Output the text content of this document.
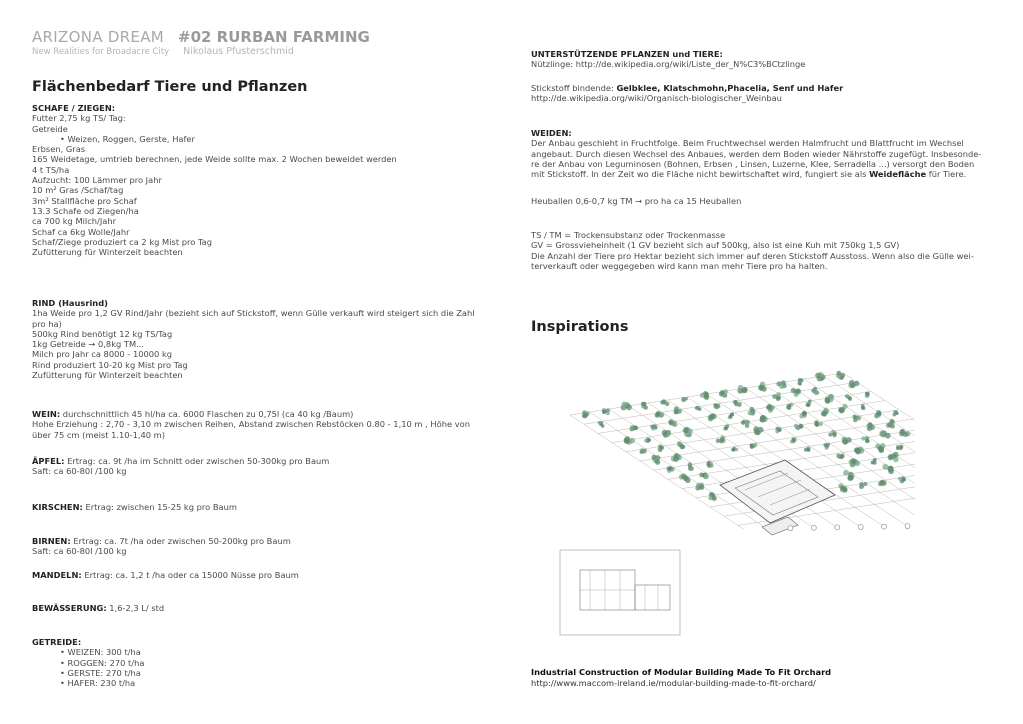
ARIZONA DREAM #02 RURBAN FARMING
New Realities for Broadacre City Nikolaus Pfusterschmid
Flächenbedarf Tiere und Pflanzen
SCHAFE / ZIEGEN:
Futter 2,75 kg TS/ Tag:
Getreide
• Weizen, Roggen, Gerste, Hafer
Erbsen, Gras
165 Weidetage, umtrieb berechnen, jede Weide sollte max. 2 Wochen beweidet werden
4 t TS/ha
Aufzucht: 100 Lämmer pro Jahr
10 m² Gras /Schaf/tag
3m² Stallfläche pro Schaf
13.3 Schafe od Ziegen/ha
ca 700 kg Milch/Jahr
Schaf ca 6kg Wolle/Jahr
Schaf/Ziege produziert ca 2 kg Mist pro Tag
Zufütterung für Winterzeit beachten
RIND (Hausrind)
1ha Weide pro 1,2 GV Rind/Jahr (bezieht sich auf Stickstoff, wenn Gülle verkauft wird steigert sich die Zahl
pro ha)
500kg Rind benötigt 12 kg TS/Tag
1kg Getreide → 0,8kg TM...
Milch pro Jahr ca 8000 - 10000 kg
Rind produziert 10-20 kg Mist pro Tag
Zufütterung für Winterzeit beachten
WEIN: durchschnittlich 45 hl/ha ca. 6000 Flaschen zu 0,75l (ca 40 kg /Baum)
Hohe Erziehung : 2,70 - 3,10 m zwischen Reihen, Abstand zwischen Rebstöcken 0.80 - 1,10 m , Höhe von
über 75 cm (meist 1.10-1,40 m)
ÄPFEL: Ertrag: ca. 9t /ha im Schnitt oder zwischen 50-300kg pro Baum
Saft: ca 60-80l /100 kg
KIRSCHEN: Ertrag: zwischen 15-25 kg pro Baum
BIRNEN: Ertrag: ca. 7t /ha oder zwischen 50-200kg pro Baum
Saft: ca 60-80l /100 kg
MANDELN: Ertrag: ca. 1,2 t /ha oder ca 15000 Nüsse pro Baum
BEWÄSSERUNG: 1,6-2,3 L/ std
GETREIDE:
• WEIZEN: 300 t/ha
• ROGGEN: 270 t/ha
• GERSTE: 270 t/ha
• HAFER: 230 t/ha
UNTERSTÜTZENDE PFLANZEN und TIERE:
Nützlinge: http://de.wikipedia.org/wiki/Liste_der_N%C3%BCtzlinge
Stickstoff bindende: Gelbklee, Klatschmohn,Phacelia, Senf und Hafer
http://de.wikipedia.org/wiki/Organisch-biologischer_Weinbau
WEIDEN:
Der Anbau geschieht in Fruchtfolge. Beim Fruchtwechsel werden Halmfrucht und Blattfrucht im Wechsel
angebaut. Durch diesen Wechsel des Anbaues, werden dem Boden wieder Nährstoffe zugefügt. Insbesonde-
re der Anbau von Leguminosen (Bohnen, Erbsen , Linsen, Luzerne, Klee, Serradella ...) versorgt den Boden
mit Stickstoff. In der Zeit wo die Fläche nicht bewirtschaftet wird, fungiert sie als Weidefläche für Tiere.
Heuballen 0,6-0,7 kg TM → pro ha ca 15 Heuballen
TS / TM = Trockensubstanz oder Trockenmasse
GV = Grossvieheinheit (1 GV bezieht sich auf 500kg, also ist eine Kuh mit 750kg 1,5 GV)
Die Anzahl der Tiere pro Hektar bezieht sich immer auf deren Stickstoff Ausstoss. Wenn also die Gülle wei-
terverkauft oder weggegeben wird kann man mehr Tiere pro ha halten.
Inspirations
Industrial Construction of Modular Building Made To Fit Orchard
http://www.maccom-ireland.ie/modular-building-made-to-fit-orchard/
